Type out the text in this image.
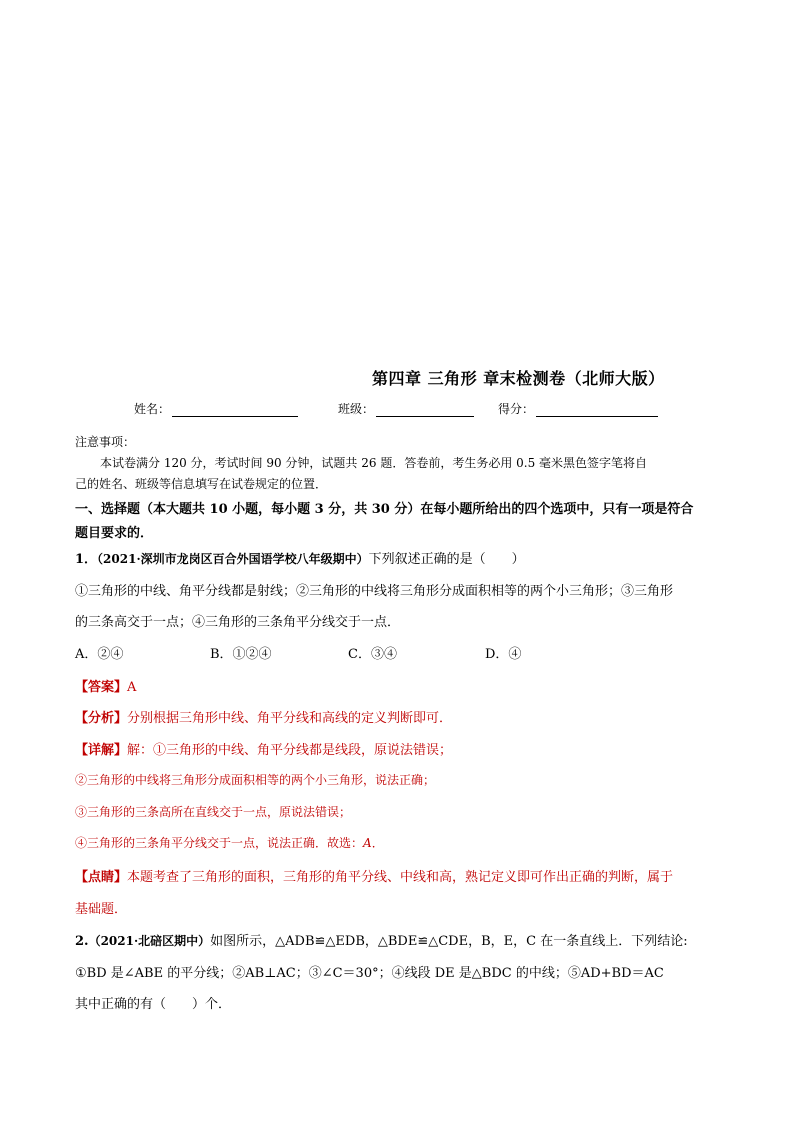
第四章 三角形 章末检测卷（北师大版）
姓名：	班级：	得分：
注意事项：
本试卷满分 120 分，考试时间 90 分钟，试题共 26 题．答卷前，考生务必用 0.5 毫米黑色签字笔将自
己的姓名、班级等信息填写在试卷规定的位置．
一、选择题（本大题共 10 小题，每小题 3 分，共 30 分）在每小题所给出的四个选项中，只有一项是符合
题目要求的．
1．（2021·深圳市龙岗区百合外国语学校八年级期中）下列叙述正确的是（　　）
①三角形的中线、角平分线都是射线；②三角形的中线将三角形分成面积相等的两个小三角形；③三角形
的三条高交于一点；④三角形的三条角平分线交于一点．
A．②④	B．①②④	C．③④	D．④
【答案】A
【分析】分别根据三角形中线、角平分线和高线的定义判断即可．
【详解】解：①三角形的中线、角平分线都是线段，原说法错误；
②三角形的中线将三角形分成面积相等的两个小三角形，说法正确；
③三角形的三条高所在直线交于一点，原说法错误；
④三角形的三条角平分线交于一点，说法正确．故选：A．
【点睛】本题考查了三角形的面积，三角形的角平分线、中线和高，熟记定义即可作出正确的判断，属于
基础题．
2.（2021·北碚区期中）如图所示，△ADB≌△EDB，△BDE≌△CDE，B，E，C 在一条直线上．下列结论:
①BD 是∠ABE 的平分线；②AB⊥AC；③∠C＝30°；④线段 DE 是△BDC 的中线；⑤AD+BD＝AC
其中正确的有（　　）个．
